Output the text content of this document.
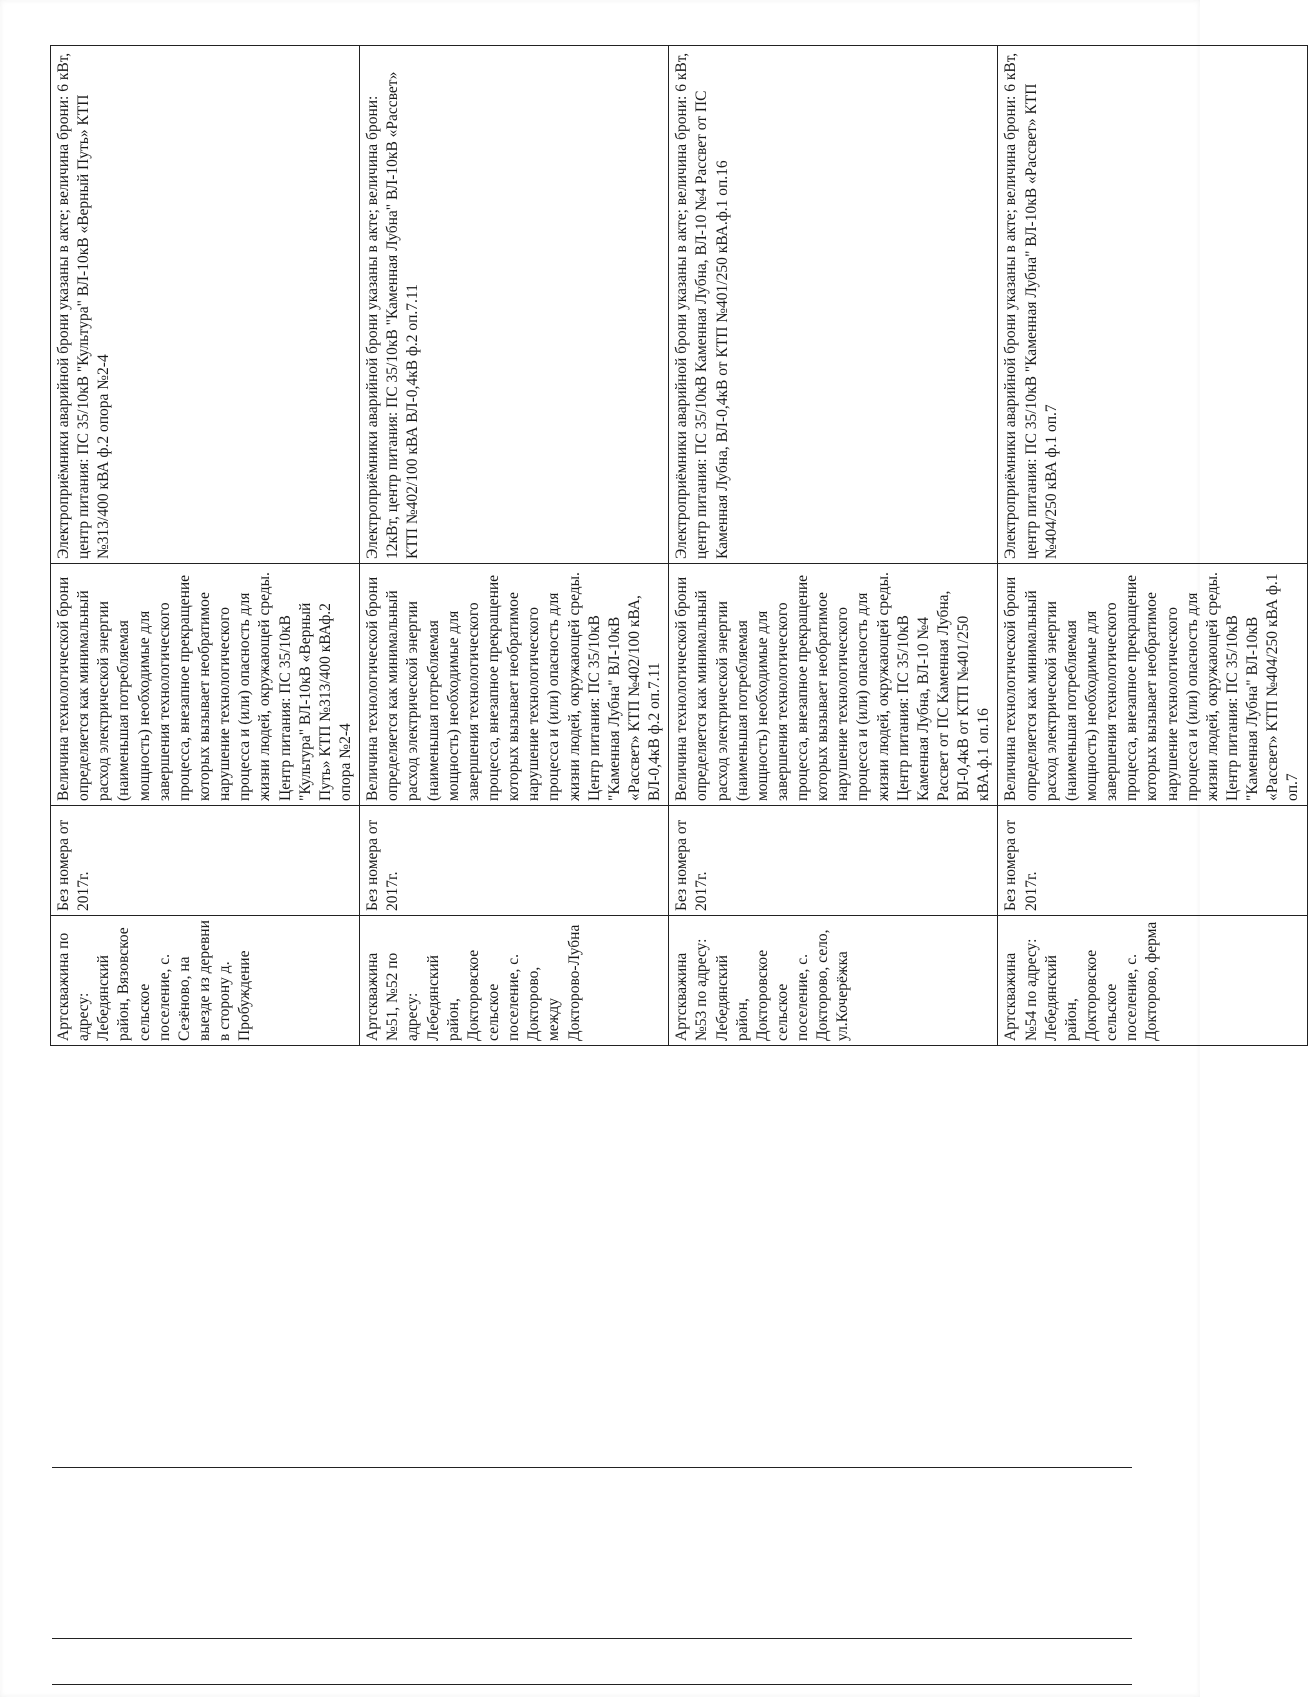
Артскважина по адресу: Лебедянский район, Вязовское сельское поселение, с. Сезёново, на выезде из деревни в сторону д. Пробуждение	Без номера от 2017г.	Величина технологической брони определяется как минимальный расход электрической энергии (наименьшая потребляемая мощность) необходимые для завершения технологического процесса, внезапное прекращение которых вызывает необратимое нарушение технологического процесса и (или) опасность для жизни людей, окружающей среды. Центр питания: ПС 35/10кВ "Культура" ВЛ-10кВ «Верный Путь» КТП №313/400 кВАф.2 опора №2-4	Электроприёмники аварийной брони указаны в акте; величина брони: 6 кВт, центр питания: ПС 35/10кВ "Культура" ВЛ-10кВ «Верный Путь» КТП №313/400 кВА ф.2 опора №2-4
Артскважина №51, №52 по адресу: Лебедянский район, Докторовское сельское поселение, с. Докторово, между Докторово-Лубна	Без номера от 2017г.	Величина технологической брони определяется как минимальный расход электрической энергии (наименьшая потребляемая мощность) необходимые для завершения технологического процесса, внезапное прекращение которых вызывает необратимое нарушение технологического процесса и (или) опасность для жизни людей, окружающей среды. Центр питания: ПС 35/10кВ "Каменная Лубна" ВЛ-10кВ «Рассвет» КТП №402/100 кВА, ВЛ-0,4кВ ф.2 оп.7.11	Электроприёмники аварийной брони указаны в акте; величина брони: 12кВт, центр питания: ПС 35/10кВ "Каменная Лубна" ВЛ-10кВ «Рассвет» КТП №402/100 кВА ВЛ-0,4кВ ф.2 оп.7.11
Артскважина №53 по адресу: Лебедянский район, Докторовское сельское поселение, с. Докторово, село, ул.Кочерёжка	Без номера от 2017г.	Величина технологической брони определяется как минимальный расход электрической энергии (наименьшая потребляемая мощность) необходимые для завершения технологического процесса, внезапное прекращение которых вызывает необратимое нарушение технологического процесса и (или) опасность для жизни людей, окружающей среды. Центр питания: ПС 35/10кВ Каменная Лубна, ВЛ-10 №4 Рассвет от ПС Каменная Лубна, ВЛ-0,4кВ от КТП №401/250 кВА.ф.1 оп.16	Электроприёмники аварийной брони указаны в акте; величина брони: 6 кВт, центр питания: ПС 35/10кВ Каменная Лубна, ВЛ-10 №4 Рассвет от ПС Каменная Лубна, ВЛ-0,4кВ от КТП №401/250 кВА.ф.1 оп.16
Артскважина №54 по адресу: Лебедянский район, Докторовское сельское поселение, с. Докторово, ферма	Без номера от 2017г.	Величина технологической брони определяется как минимальный расход электрической энергии (наименьшая потребляемая мощность) необходимые для завершения технологического процесса, внезапное прекращение которых вызывает необратимое нарушение технологического процесса и (или) опасность для жизни людей, окружающей среды. Центр питания: ПС 35/10кВ "Каменная Лубна" ВЛ-10кВ «Рассвет» КТП №404/250 кВА ф.1 оп.7	Электроприёмники аварийной брони указаны в акте; величина брони: 6 кВт, центр питания: ПС 35/10кВ "Каменная Лубна" ВЛ-10кВ «Рассвет» КТП №404/250 кВА ф.1 оп.7
